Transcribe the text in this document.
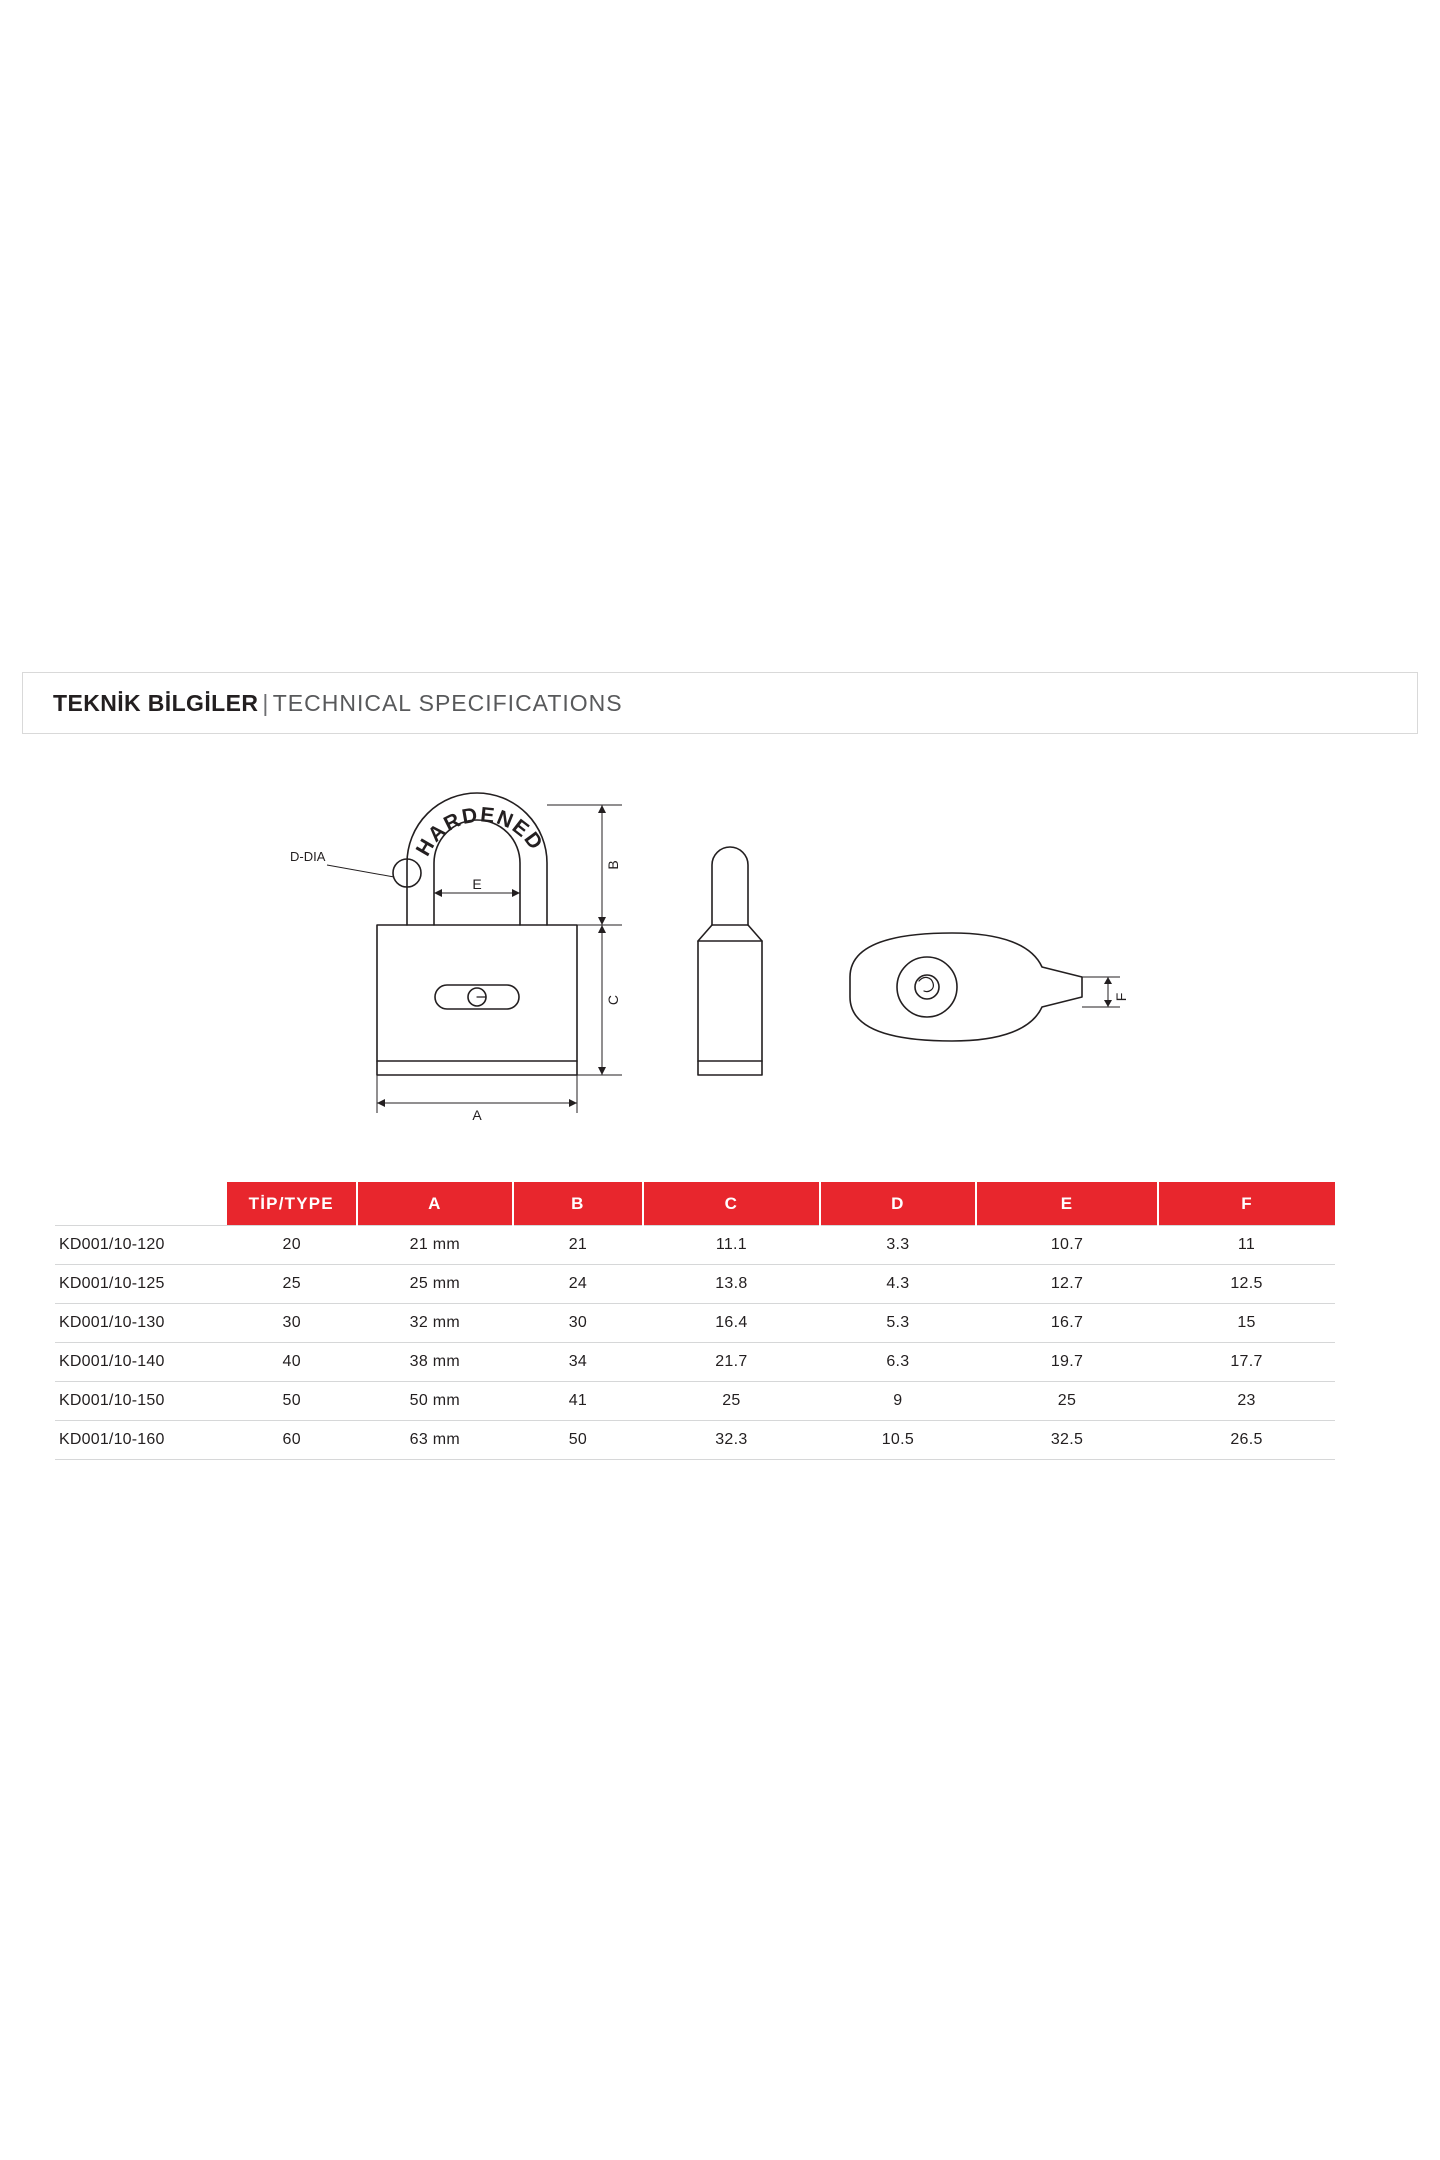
TEKNİK BİLGİLER | TECHNICAL SPECIFICATIONS
HARDENED
D-DIA
E
A
B
C	F
	TİP/TYPE	A	B	C	D	E	F
KD001/10-120	20	21 mm	21	11.1	3.3	10.7	11
KD001/10-125	25	25 mm	24	13.8	4.3	12.7	12.5
KD001/10-130	30	32 mm	30	16.4	5.3	16.7	15
KD001/10-140	40	38 mm	34	21.7	6.3	19.7	17.7
KD001/10-150	50	50 mm	41	25	9	25	23
KD001/10-160	60	63 mm	50	32.3	10.5	32.5	26.5
